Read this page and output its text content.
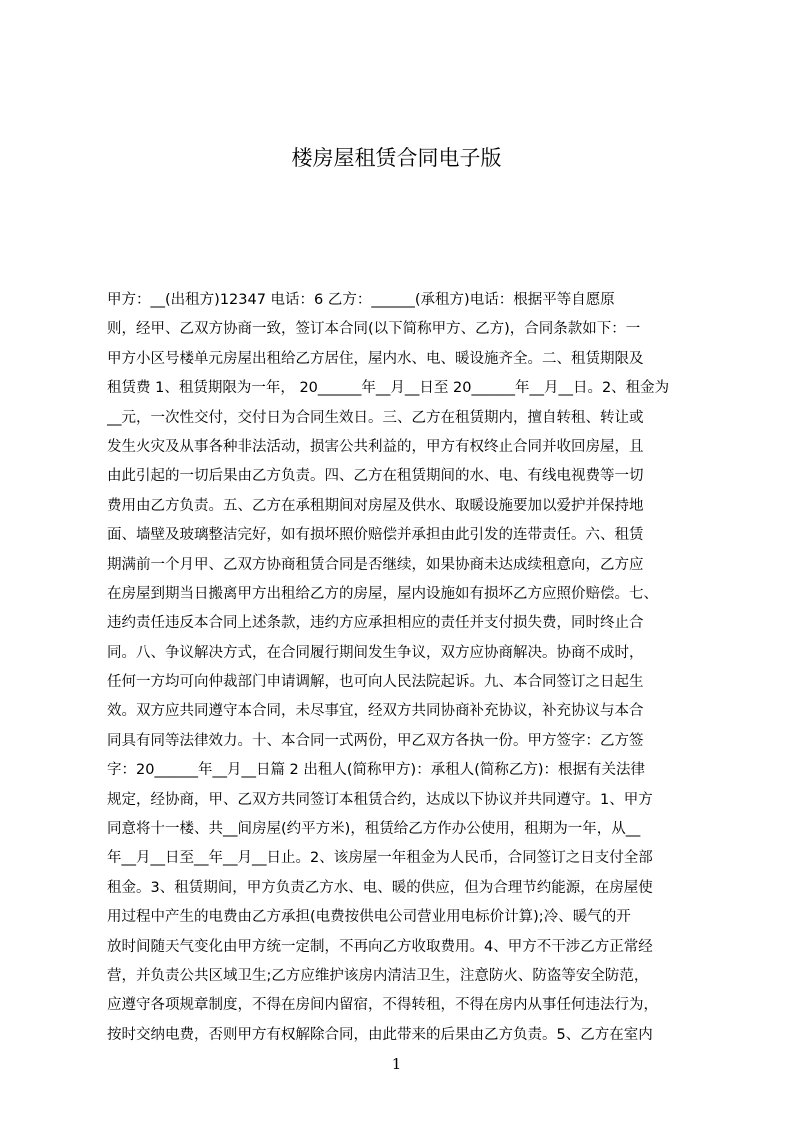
楼房屋租赁合同电子版
甲方：__(出租方)12347 电话：6 乙方：______(承租方)电话：根据平等自愿原
则，经甲、乙双方协商一致，签订本合同(以下简称甲方、乙方)，合同条款如下：一
甲方小区号楼单元房屋出租给乙方居住，屋内水、电、暖设施齐全。二、租赁期限及
租赁费 1、租赁期限为一年， 20______年__月__日至 20______年__月__日。2、租金为
__元，一次性交付，交付日为合同生效日。三、乙方在租赁期内，擅自转租、转让或
发生火灾及从事各种非法活动，损害公共利益的，甲方有权终止合同并收回房屋，且
由此引起的一切后果由乙方负责。四、乙方在租赁期间的水、电、有线电视费等一切
费用由乙方负责。五、乙方在承租期间对房屋及供水、取暖设施要加以爱护并保持地
面、墙壁及玻璃整洁完好，如有损坏照价赔偿并承担由此引发的连带责任。六、租赁
期满前一个月甲、乙双方协商租赁合同是否继续，如果协商未达成续租意向，乙方应
在房屋到期当日搬离甲方出租给乙方的房屋，屋内设施如有损坏乙方应照价赔偿。七、
违约责任违反本合同上述条款，违约方应承担相应的责任并支付损失费，同时终止合
同。八、争议解决方式，在合同履行期间发生争议，双方应协商解决。协商不成时，
任何一方均可向仲裁部门申请调解，也可向人民法院起诉。九、本合同签订之日起生
效。双方应共同遵守本合同，未尽事宜，经双方共同协商补充协议，补充协议与本合
同具有同等法律效力。十、本合同一式两份，甲乙双方各执一份。甲方签字：乙方签
字：20______年__月__日篇 2 出租人(简称甲方)：承租人(简称乙方)：根据有关法律
规定，经协商，甲、乙双方共同签订本租赁合约，达成以下协议并共同遵守。1、甲方
同意将十一楼、共__间房屋(约平方米)，租赁给乙方作办公使用，租期为一年，从__
年__月__日至__年__月__日止。2、该房屋一年租金为人民币，合同签订之日支付全部
租金。3、租赁期间，甲方负责乙方水、电、暖的供应，但为合理节约能源，在房屋使
用过程中产生的电费由乙方承担(电费按供电公司营业用电标价计算);冷、暖气的开
放时间随天气变化由甲方统一定制，不再向乙方收取费用。4、甲方不干涉乙方正常经
营，并负责公共区域卫生;乙方应维护该房内清洁卫生，注意防火、防盗等安全防范，
应遵守各项规章制度，不得在房间内留宿，不得转租，不得在房内从事任何违法行为，
按时交纳电费，否则甲方有权解除合同，由此带来的后果由乙方负责。5、乙方在室内
1
